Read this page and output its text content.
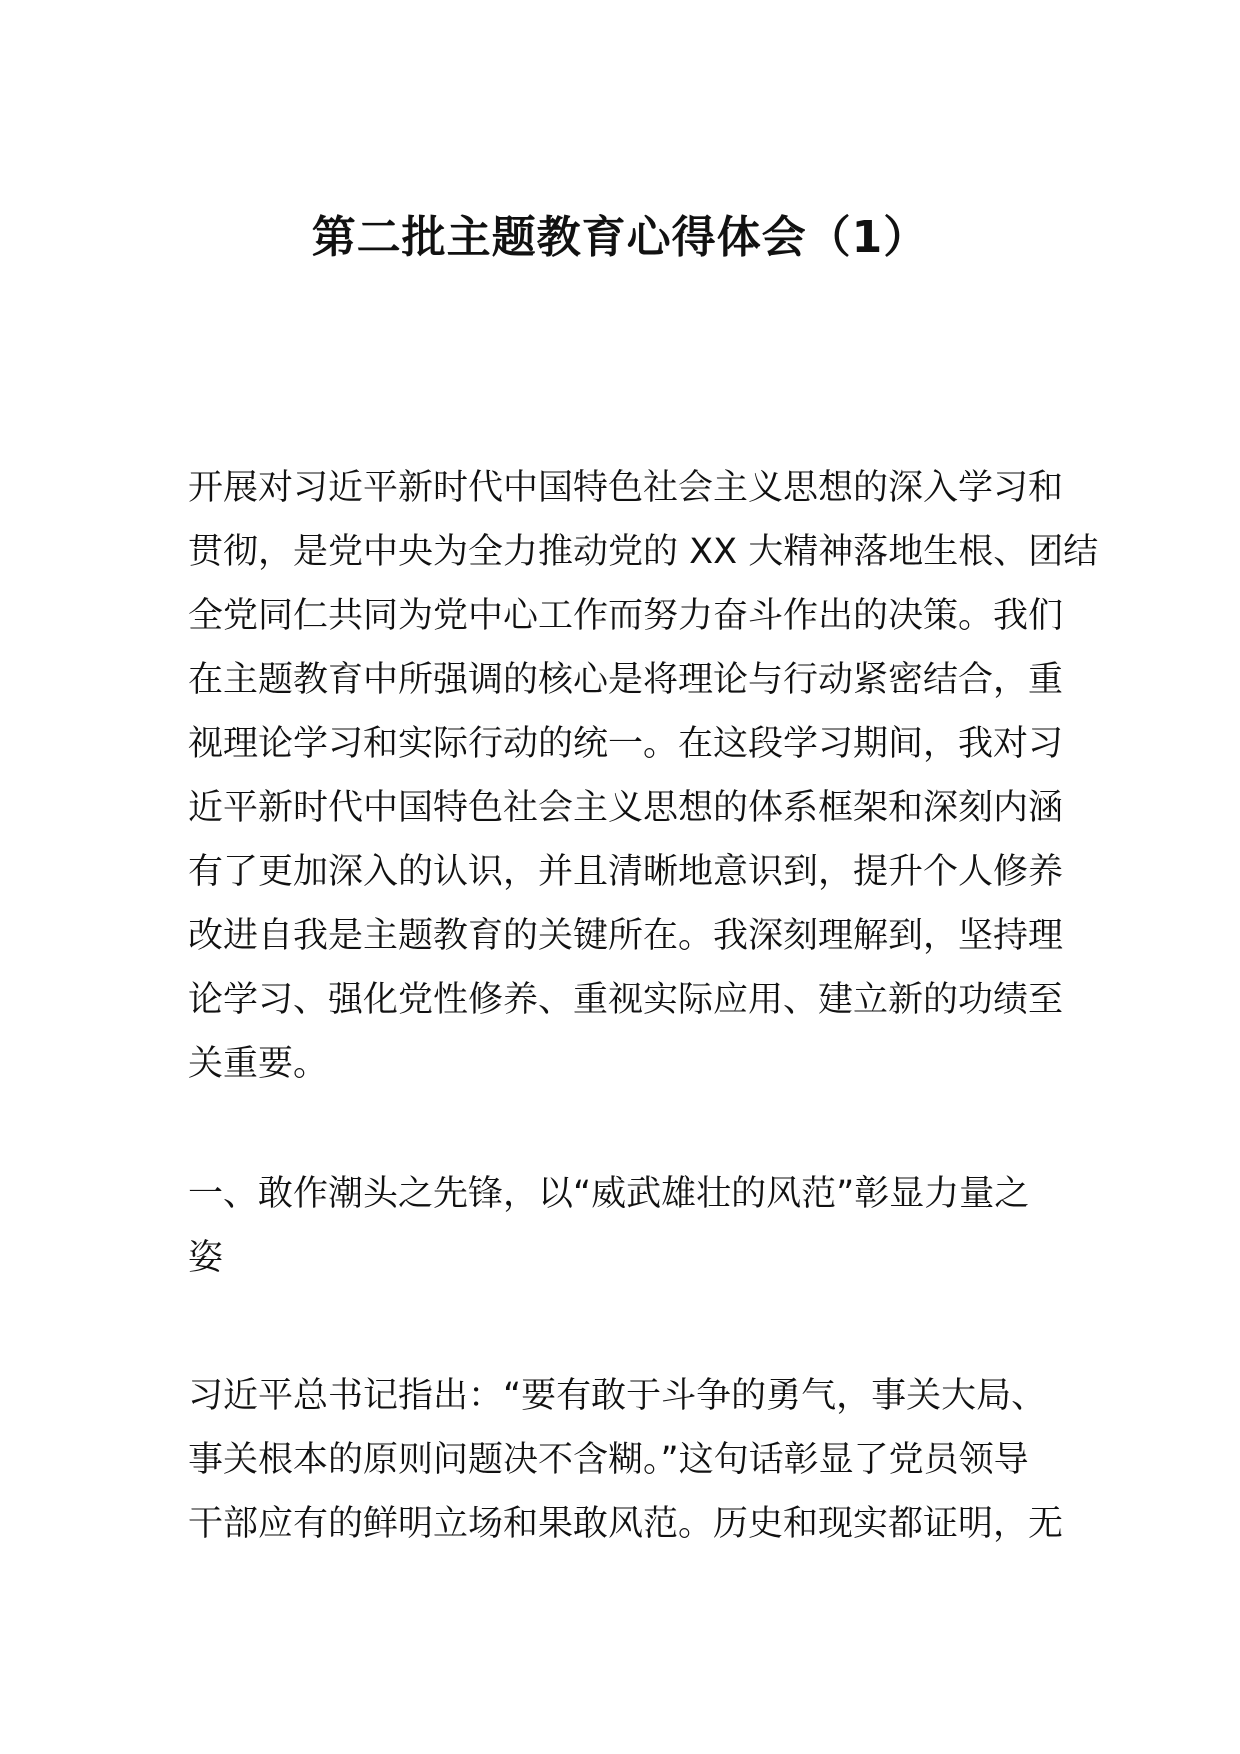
第二批主题教育心得体会（1）
开展对习近平新时代中国特色社会主义思想的深入学习和
贯彻，是党中央为全力推动党的 XX 大精神落地生根、团结
全党同仁共同为党中心工作而努力奋斗作出的决策。我们
在主题教育中所强调的核心是将理论与行动紧密结合，重
视理论学习和实际行动的统一。在这段学习期间，我对习
近平新时代中国特色社会主义思想的体系框架和深刻内涵
有了更加深入的认识，并且清晰地意识到，提升个人修养
改进自我是主题教育的关键所在。我深刻理解到，坚持理
论学习、强化党性修养、重视实际应用、建立新的功绩至
关重要。
一、敢作潮头之先锋，以“威武雄壮的风范”彰显力量之
姿
习近平总书记指出：“要有敢于斗争的勇气，事关大局、
事关根本的原则问题决不含糊。”这句话彰显了党员领导
干部应有的鲜明立场和果敢风范。历史和现实都证明，无
